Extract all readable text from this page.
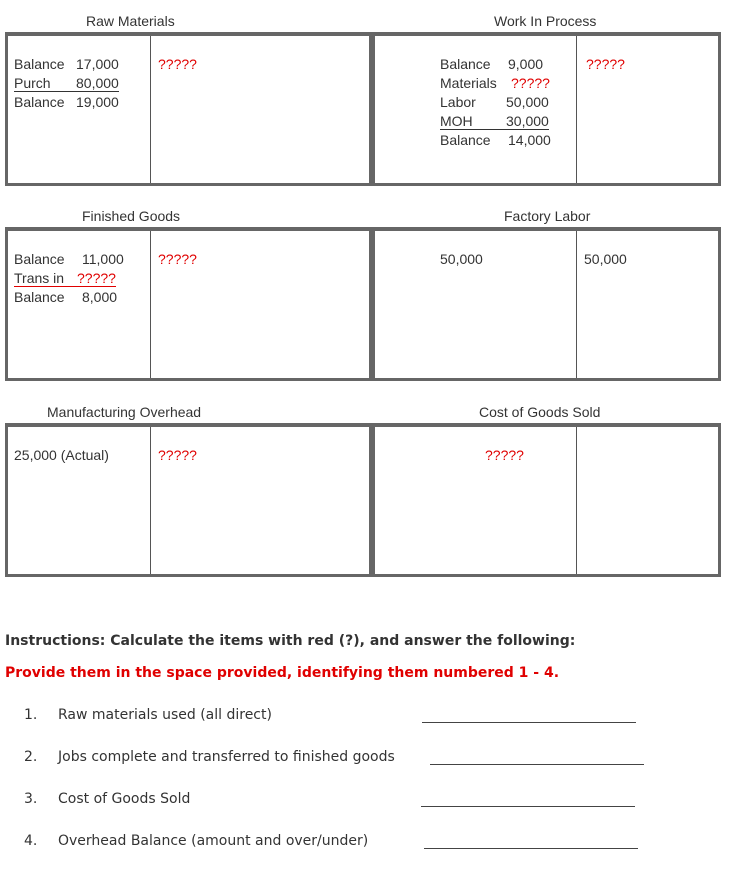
Raw Materials
Balance 17,000
Purch 80,000
Balance 19,000
?????
Work In Process
Balance 9,000
Materials ?????
Labor 50,000
MOH 30,000
Balance 14,000
?????
Finished Goods
Balance 11,000
Trans in ?????
Balance 8,000
?????
Factory Labor
50,000	50,000
Manufacturing Overhead
25,000 (Actual)	?????
Cost of Goods Sold
?????
Instructions: Calculate the items with red (?), and answer the following:
Provide them in the space provided, identifying them numbered 1 - 4.
1. Raw materials used (all direct)
2. Jobs complete and transferred to finished goods
3. Cost of Goods Sold
4. Overhead Balance (amount and over/under)
